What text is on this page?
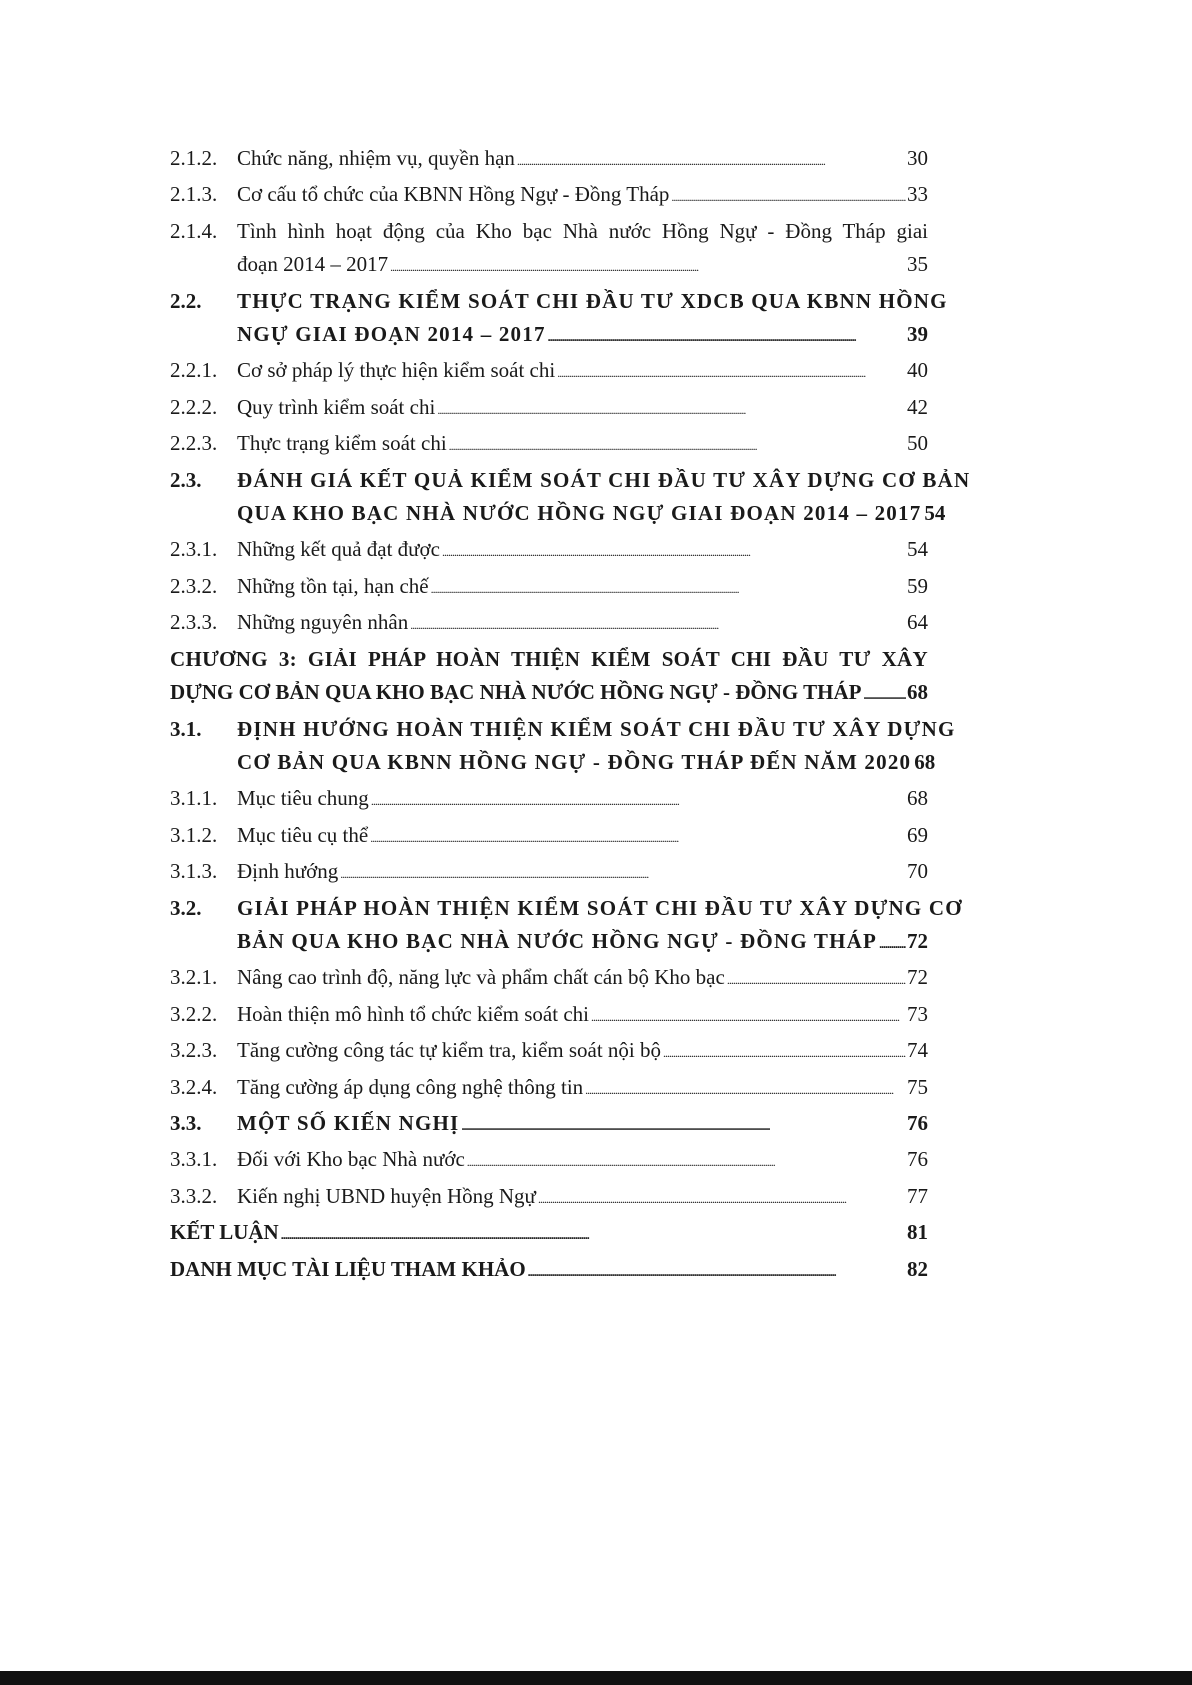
2.1.2. Chức năng, nhiệm vụ, quyền hạn . . .	30
2.1.3. Cơ cấu tổ chức của KBNN Hồng Ngự - Đồng Tháp . . .	33
2.1.4. Tình hình hoạt động của Kho bạc Nhà nước Hồng Ngự - Đồng Tháp giai
đoạn 2014 – 2017 . . .	35
2.2.	THỰC TRẠNG KIỂM SOÁT CHI ĐẦU TƯ XDCB QUA KBNN HỒNG
NGỰ GIAI ĐOẠN 2014 – 2017 . . .	39
2.2.1. Cơ sở pháp lý thực hiện kiểm soát chi . . .	40
2.2.2. Quy trình kiểm soát chi . . .	42
2.2.3. Thực trạng kiểm soát chi . . .	50
2.3.	ĐÁNH GIÁ KẾT QUẢ KIỂM SOÁT CHI ĐẦU TƯ XÂY DỰNG CƠ BẢN
QUA KHO BẠC NHÀ NƯỚC HỒNG NGỰ GIAI ĐOẠN 2014 – 2017 54
2.3.1. Những kết quả đạt được . . .	54
2.3.2. Những tồn tại, hạn chế . . .	59
2.3.3. Những nguyên nhân . . .	64
CHƯƠNG 3: GIẢI PHÁP HOÀN THIỆN KIỂM SOÁT CHI ĐẦU TƯ XÂY
DỰNG CƠ BẢN QUA KHO BẠC NHÀ NƯỚC HỒNG NGỰ - ĐỒNG THÁP . . . 68
3.1.	ĐỊNH HƯỚNG HOÀN THIỆN KIỂM SOÁT CHI ĐẦU TƯ XÂY DỰNG
CƠ BẢN QUA KBNN HỒNG NGỰ - ĐỒNG THÁP ĐẾN NĂM 2020 68
3.1.1. Mục tiêu chung . . .	68
3.1.2. Mục tiêu cụ thể . . .	69
3.1.3. Định hướng . . .	70
3.2.	GIẢI PHÁP HOÀN THIỆN KIỂM SOÁT CHI ĐẦU TƯ XÂY DỰNG CƠ
BẢN QUA KHO BẠC NHÀ NƯỚC HỒNG NGỰ - ĐỒNG THÁP . . . 72
3.2.1. Nâng cao trình độ, năng lực và phẩm chất cán bộ Kho bạc . . .	72
3.2.2. Hoàn thiện mô hình tổ chức kiểm soát chi . . .	73
3.2.3. Tăng cường công tác tự kiểm tra, kiểm soát nội bộ . . .	74
3.2.4. Tăng cường áp dụng công nghệ thông tin . . .	75
3.3.	MỘT SỐ KIẾN NGHỊ . . .	76
3.3.1. Đối với Kho bạc Nhà nước . . .	76
3.3.2. Kiến nghị UBND huyện Hồng Ngự . . .	77
KẾT LUẬN . . .	81
DANH MỤC TÀI LIỆU THAM KHẢO . . .	82
